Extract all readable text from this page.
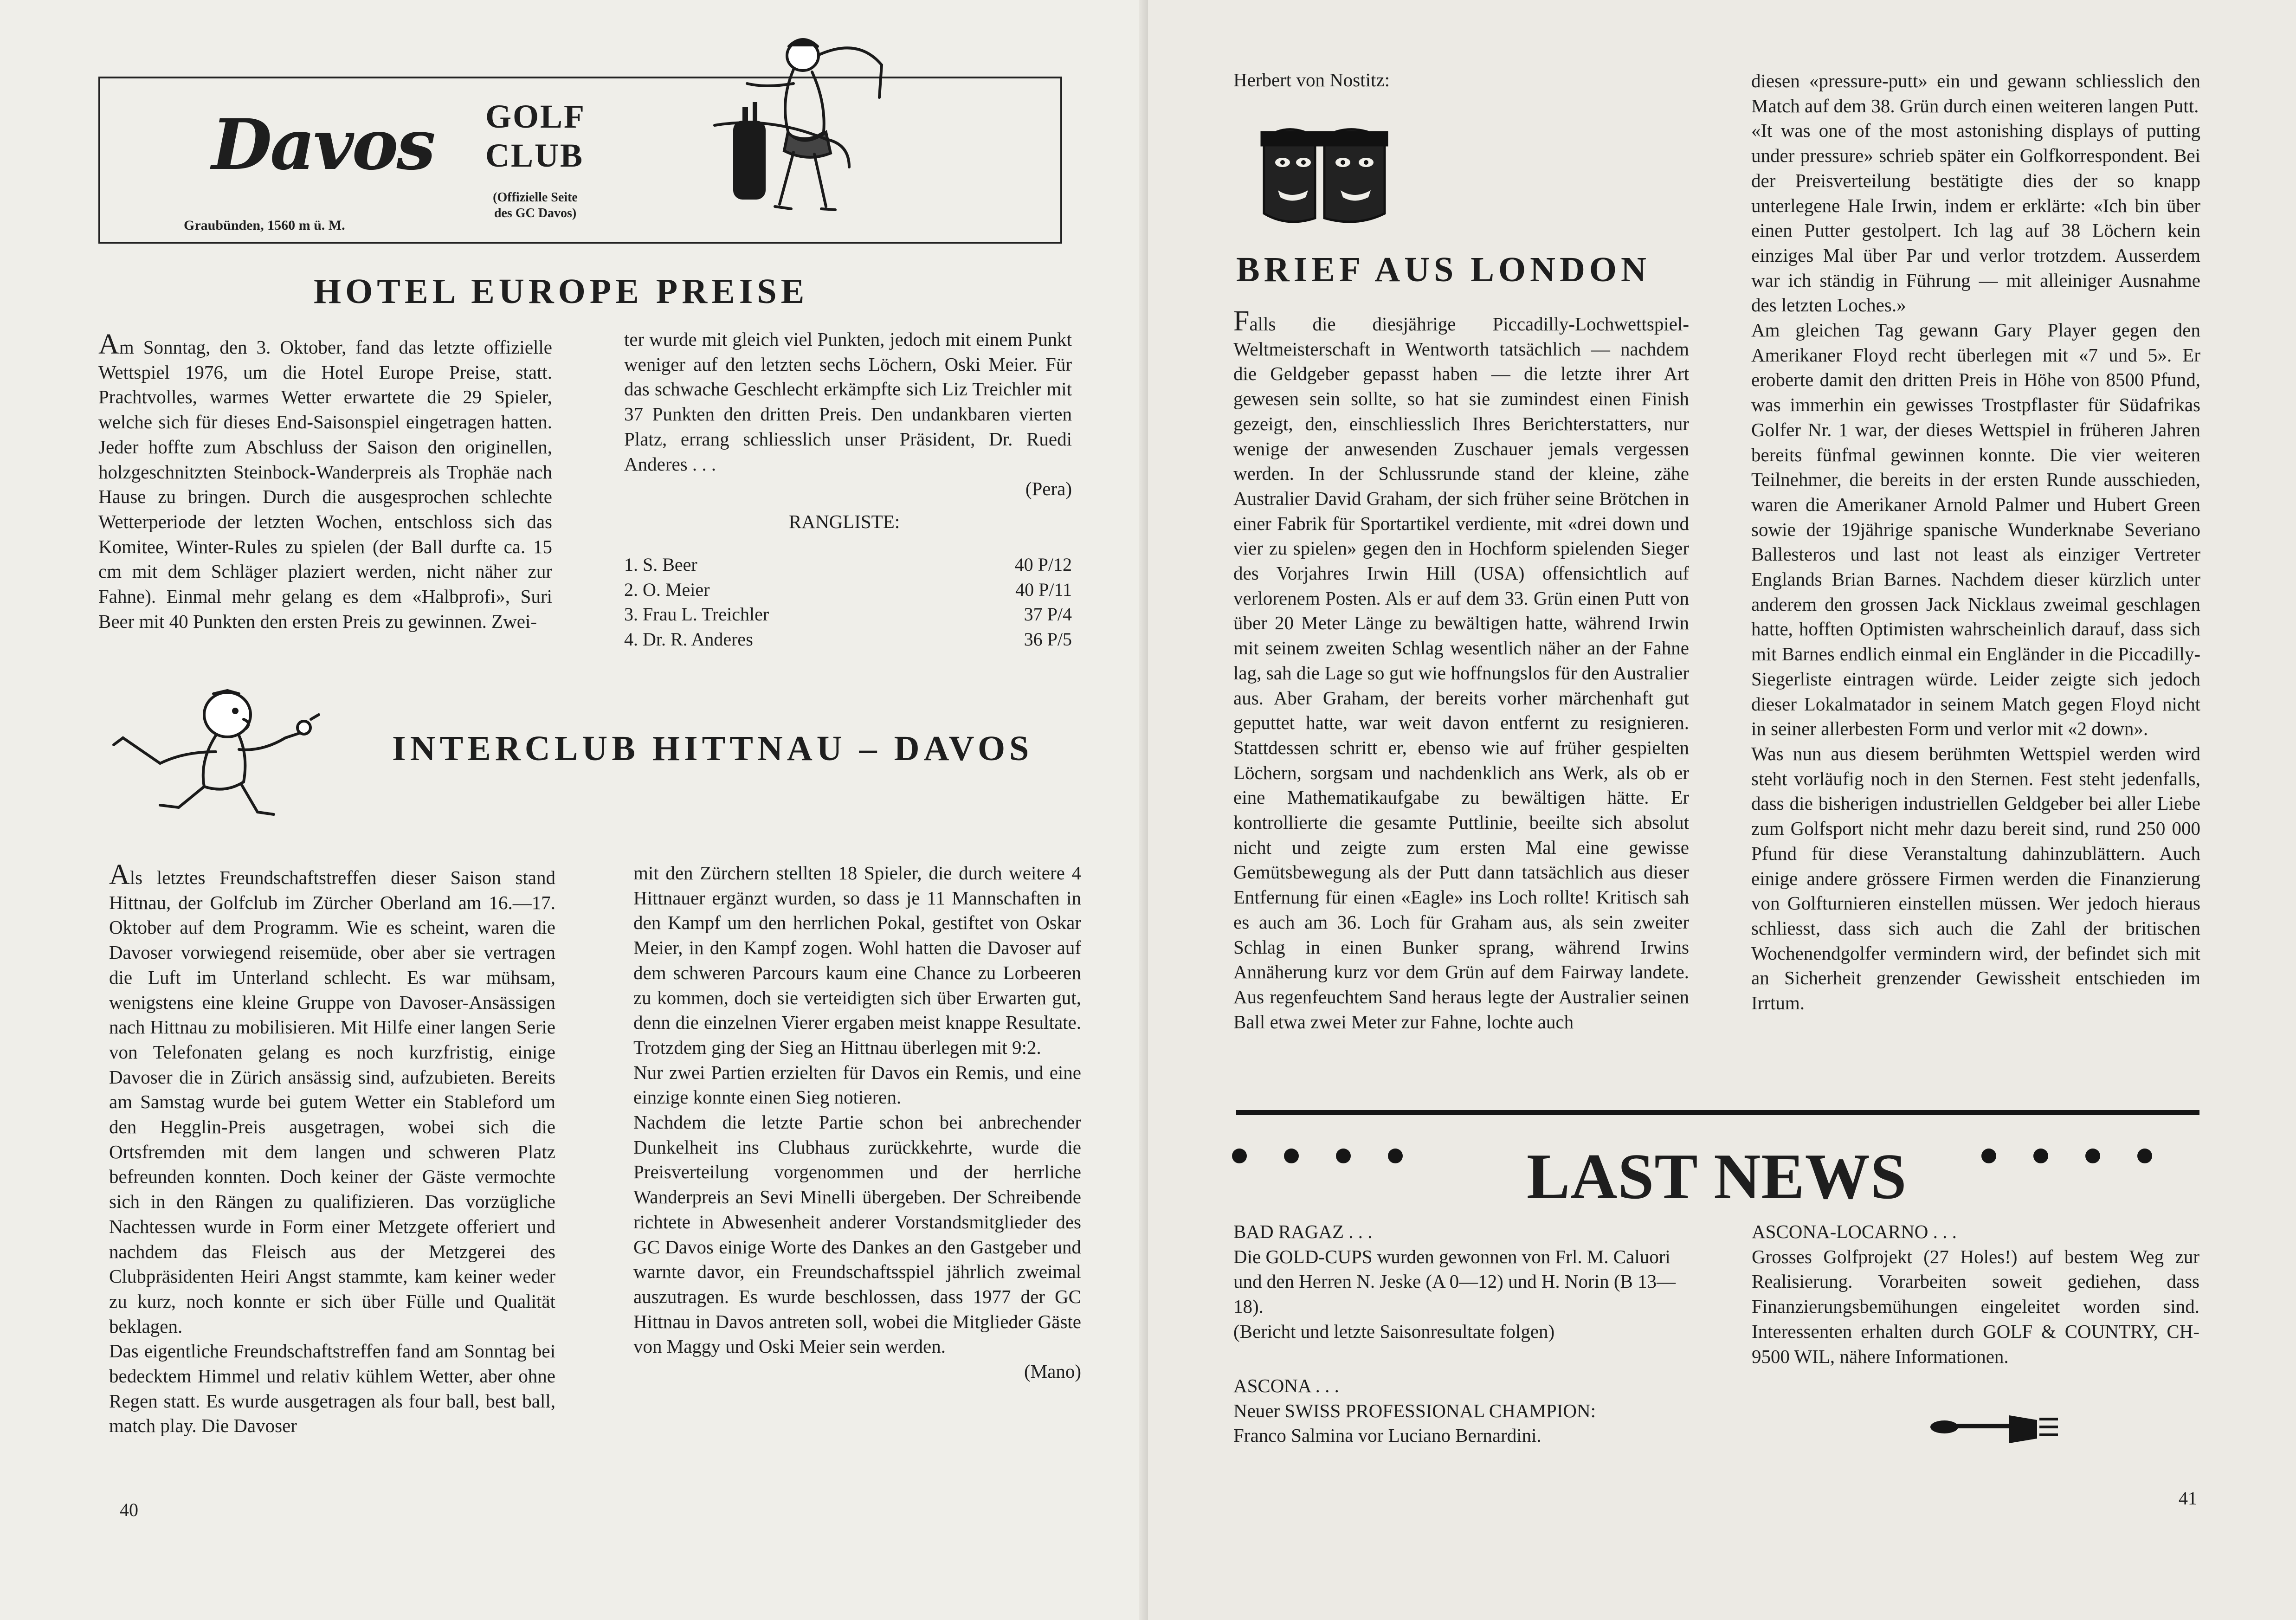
Davos
Graubünden, 1560 m ü. M.
GOLF
CLUB
(Offizielle Seite
des GC Davos)
HOTEL EUROPE PREISE

Am Sonntag, den 3. Oktober, fand das letzte offizielle Wettspiel 1976, um die Hotel Europe Preise, statt. Prachtvolles, warmes Wetter erwartete die 29 Spieler, welche sich für dieses End-Saisonspiel eingetragen hatten. Jeder hoffte zum Abschluss der Saison den originellen, holzgeschnitzten Steinbock-Wanderpreis als Trophäe nach Hause zu bringen. Durch die ausgesprochen schlechte Wetterperiode der letzten Wochen, entschloss sich das Komitee, Winter-Rules zu spielen (der Ball durfte ca. 15 cm mit dem Schläger plaziert werden, nicht näher zur Fahne). Einmal mehr gelang es dem «Halbprofi», Suri Beer mit 40 Punkten den ersten Preis zu gewinnen. Zwei-

ter wurde mit gleich viel Punkten, jedoch mit einem Punkt weniger auf den letzten sechs Löchern, Oski Meier. Für das schwache Geschlecht erkämpfte sich Liz Treichler mit 37 Punkten den dritten Preis. Den undankbaren vierten Platz, errang schliesslich unser Präsident, Dr. Ruedi Anderes . . .

(Pera)
RANGLISTE:
1. S. Beer	40 P/12
2. O. Meier	40 P/11
3. Frau L. Treichler	37 P/4
4. Dr. R. Anderes	36 P/5
INTERCLUB HITTNAU – DAVOS

Als letztes Freundschaftstreffen dieser Saison stand Hittnau, der Golfclub im Zürcher Oberland am 16.—17. Oktober auf dem Programm. Wie es scheint, waren die Davoser vorwiegend reisemüde, ober aber sie vertragen die Luft im Unterland schlecht. Es war mühsam, wenigstens eine kleine Gruppe von Davoser-Ansässigen nach Hittnau zu mobilisieren. Mit Hilfe einer langen Serie von Telefonaten gelang es noch kurzfristig, einige Davoser die in Zürich ansässig sind, aufzubieten. Bereits am Samstag wurde bei gutem Wetter ein Stableford um den Hegglin-Preis ausgetragen, wobei sich die Ortsfremden mit dem langen und schweren Platz befreunden konnten. Doch keiner der Gäste vermochte sich in den Rängen zu qualifizieren. Das vorzügliche Nachtessen wurde in Form einer Metzgete offeriert und nachdem das Fleisch aus der Metzgerei des Clubpräsidenten Heiri Angst stammte, kam keiner weder zu kurz, noch konnte er sich über Fülle und Qualität beklagen.

Das eigentliche Freundschaftstreffen fand am Sonntag bei bedecktem Himmel und relativ kühlem Wetter, aber ohne Regen statt. Es wurde ausgetragen als four ball, best ball, match play. Die Davoser

mit den Zürchern stellten 18 Spieler, die durch weitere 4 Hittnauer ergänzt wurden, so dass je 11 Mannschaften in den Kampf um den herrlichen Pokal, gestiftet von Oskar Meier, in den Kampf zogen. Wohl hatten die Davoser auf dem schweren Parcours kaum eine Chance zu Lorbeeren zu kommen, doch sie verteidigten sich über Erwarten gut, denn die einzelnen Vierer ergaben meist knappe Resultate. Trotzdem ging der Sieg an Hittnau überlegen mit 9:2.

Nur zwei Partien erzielten für Davos ein Remis, und eine einzige konnte einen Sieg notieren.

Nachdem die letzte Partie schon bei anbrechender Dunkelheit ins Clubhaus zurückkehrte, wurde die Preisverteilung vorgenommen und der herrliche Wanderpreis an Sevi Minelli übergeben. Der Schreibende richtete in Abwesenheit anderer Vorstandsmitglieder des GC Davos einige Worte des Dankes an den Gastgeber und warnte davor, ein Freundschaftsspiel jährlich zweimal auszutragen. Es wurde beschlossen, dass 1977 der GC Hittnau in Davos antreten soll, wobei die Mitglieder Gäste von Maggy und Oski Meier sein werden.

(Mano)
40
Herbert von Nostitz:
BRIEF AUS LONDON

Falls die diesjährige Piccadilly-Lochwettspiel-Weltmeisterschaft in Wentworth tatsächlich — nachdem die Geldgeber gepasst haben — die letzte ihrer Art gewesen sein sollte, so hat sie zumindest einen Finish gezeigt, den, einschliesslich Ihres Berichterstatters, nur wenige der anwesenden Zuschauer jemals vergessen werden. In der Schlussrunde stand der kleine, zähe Australier David Graham, der sich früher seine Brötchen in einer Fabrik für Sportartikel verdiente, mit «drei down und vier zu spielen» gegen den in Hochform spielenden Sieger des Vorjahres Irwin Hill (USA) offensichtlich auf verlorenem Posten. Als er auf dem 33. Grün einen Putt von über 20 Meter Länge zu bewältigen hatte, während Irwin mit seinem zweiten Schlag wesentlich näher an der Fahne lag, sah die Lage so gut wie hoffnungslos für den Australier aus. Aber Graham, der bereits vorher märchenhaft gut geputtet hatte, war weit davon entfernt zu resignieren. Stattdessen schritt er, ebenso wie auf früher gespielten Löchern, sorgsam und nachdenklich ans Werk, als ob er eine Mathematikaufgabe zu bewältigen hätte. Er kontrollierte die gesamte Puttlinie, beeilte sich absolut nicht und zeigte zum ersten Mal eine gewisse Gemütsbewegung als der Putt dann tatsächlich aus dieser Entfernung für einen «Eagle» ins Loch rollte! Kritisch sah es auch am 36. Loch für Graham aus, als sein zweiter Schlag in einen Bunker sprang, während Irwins Annäherung kurz vor dem Grün auf dem Fairway landete. Aus regenfeuchtem Sand heraus legte der Australier seinen Ball etwa zwei Meter zur Fahne, lochte auch

diesen «pressure-putt» ein und gewann schliesslich den Match auf dem 38. Grün durch einen weiteren langen Putt.

«It was one of the most astonishing displays of putting under pressure» schrieb später ein Golfkorrespondent. Bei der Preisverteilung bestätigte dies der so knapp unterlegene Hale Irwin, indem er erklärte: «Ich bin über einen Putter gestolpert. Ich lag auf 38 Löchern kein einziges Mal über Par und verlor trotzdem. Ausserdem war ich ständig in Führung — mit alleiniger Ausnahme des letzten Loches.»

Am gleichen Tag gewann Gary Player gegen den Amerikaner Floyd recht überlegen mit «7 und 5». Er eroberte damit den dritten Preis in Höhe von 8500 Pfund, was immerhin ein gewisses Trostpflaster für Südafrikas Golfer Nr. 1 war, der dieses Wettspiel in früheren Jahren bereits fünfmal gewinnen konnte. Die vier weiteren Teilnehmer, die bereits in der ersten Runde ausschieden, waren die Amerikaner Arnold Palmer und Hubert Green sowie der 19jährige spanische Wunderknabe Severiano Ballesteros und last not least als einziger Vertreter Englands Brian Barnes. Nachdem dieser kürzlich unter anderem den grossen Jack Nicklaus zweimal geschlagen hatte, hofften Optimisten wahrscheinlich darauf, dass sich mit Barnes endlich einmal ein Engländer in die Piccadilly-Siegerliste eintragen würde. Leider zeigte sich jedoch dieser Lokalmatador in seinem Match gegen Floyd nicht in seiner allerbesten Form und verlor mit «2 down».

Was nun aus diesem berühmten Wettspiel werden wird steht vorläufig noch in den Sternen. Fest steht jedenfalls, dass die bisherigen industriellen Geldgeber bei aller Liebe zum Golfsport nicht mehr dazu bereit sind, rund 250 000 Pfund für diese Veranstaltung dahinzublättern. Auch einige andere grössere Firmen werden die Finanzierung von Golfturnieren einstellen müssen. Wer jedoch hieraus schliesst, dass sich auch die Zahl der britischen Wochenendgolfer vermindern wird, der befindet sich mit an Sicherheit grenzender Gewissheit entschieden im Irrtum.

LAST NEWS
BAD RAGAZ . . .

Die GOLD-CUPS wurden gewonnen von Frl. M. Caluori und den Herren N. Jeske (A 0—12) und H. Norin (B 13—18).

(Bericht und letzte Saisonresultate folgen)

ASCONA . . .

Neuer SWISS PROFESSIONAL CHAMPION:

Franco Salmina vor Luciano Bernardini.

ASCONA-LOCARNO . . .

Grosses Golfprojekt (27 Holes!) auf bestem Weg zur Realisierung. Vorarbeiten soweit gediehen, dass Finanzierungsbemühungen eingeleitet worden sind. Interessenten erhalten durch GOLF & COUNTRY, CH-9500 WIL, nähere Informationen.

41
